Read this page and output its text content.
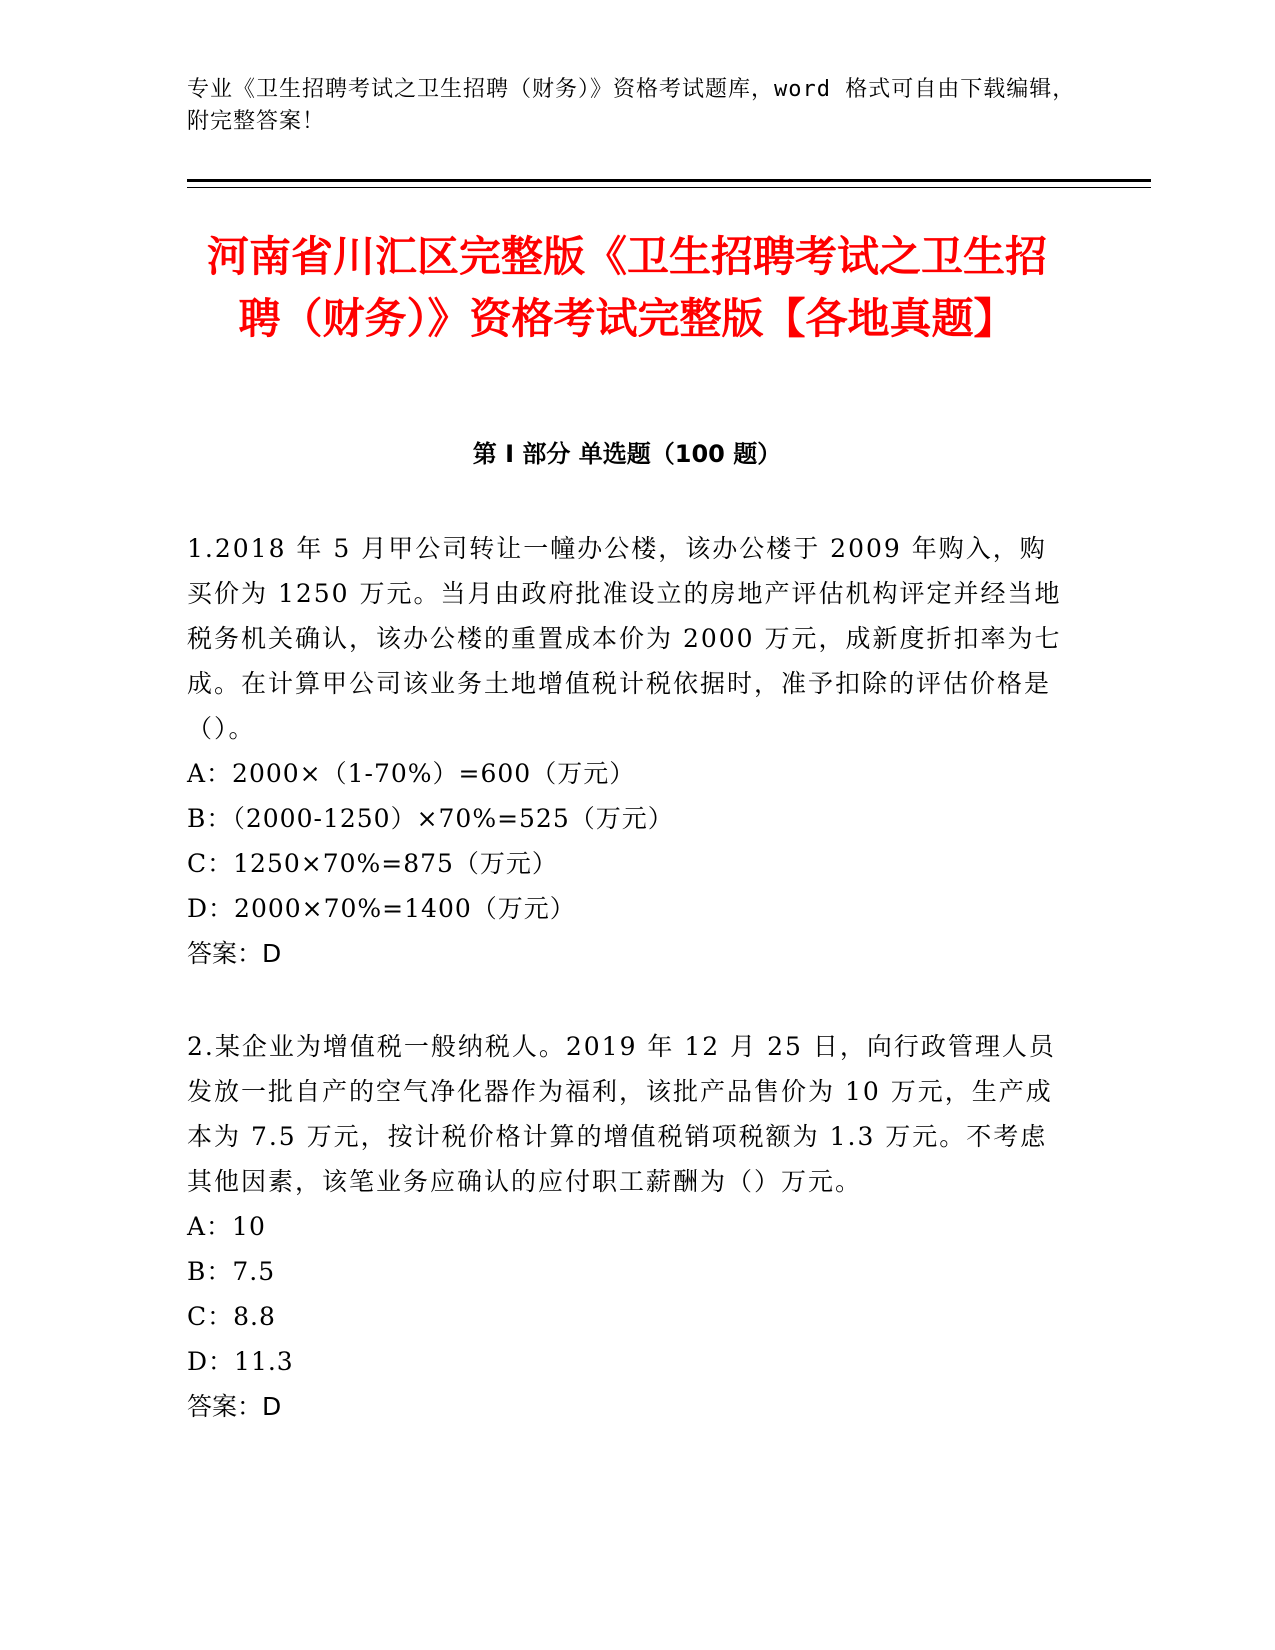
专业《卫生招聘考试之卫生招聘（财务）》资格考试题库，word 格式可自由下载编辑，附完整答案！
河南省川汇区完整版《卫生招聘考试之卫生招聘（财务）》资格考试完整版【各地真题】
第 I 部分 单选题（100 题）
1.2018 年 5 月甲公司转让一幢办公楼，该办公楼于 2009 年购入，购买价为 1250 万元。当月由政府批准设立的房地产评估机构评定并经当地税务机关确认，该办公楼的重置成本价为 2000 万元，成新度折扣率为七成。在计算甲公司该业务土地增值税计税依据时，准予扣除的评估价格是（）。
A：2000×（1-70%）=600（万元）
B：（2000-1250）×70%=525（万元）
C：1250×70%=875（万元）
D：2000×70%=1400（万元）
答案：D
2.某企业为增值税一般纳税人。2019 年 12 月 25 日，向行政管理人员发放一批自产的空气净化器作为福利，该批产品售价为 10 万元，生产成本为 7.5 万元，按计税价格计算的增值税销项税额为 1.3 万元。不考虑其他因素，该笔业务应确认的应付职工薪酬为（）万元。
A：10
B：7.5
C：8.8
D：11.3
答案：D
